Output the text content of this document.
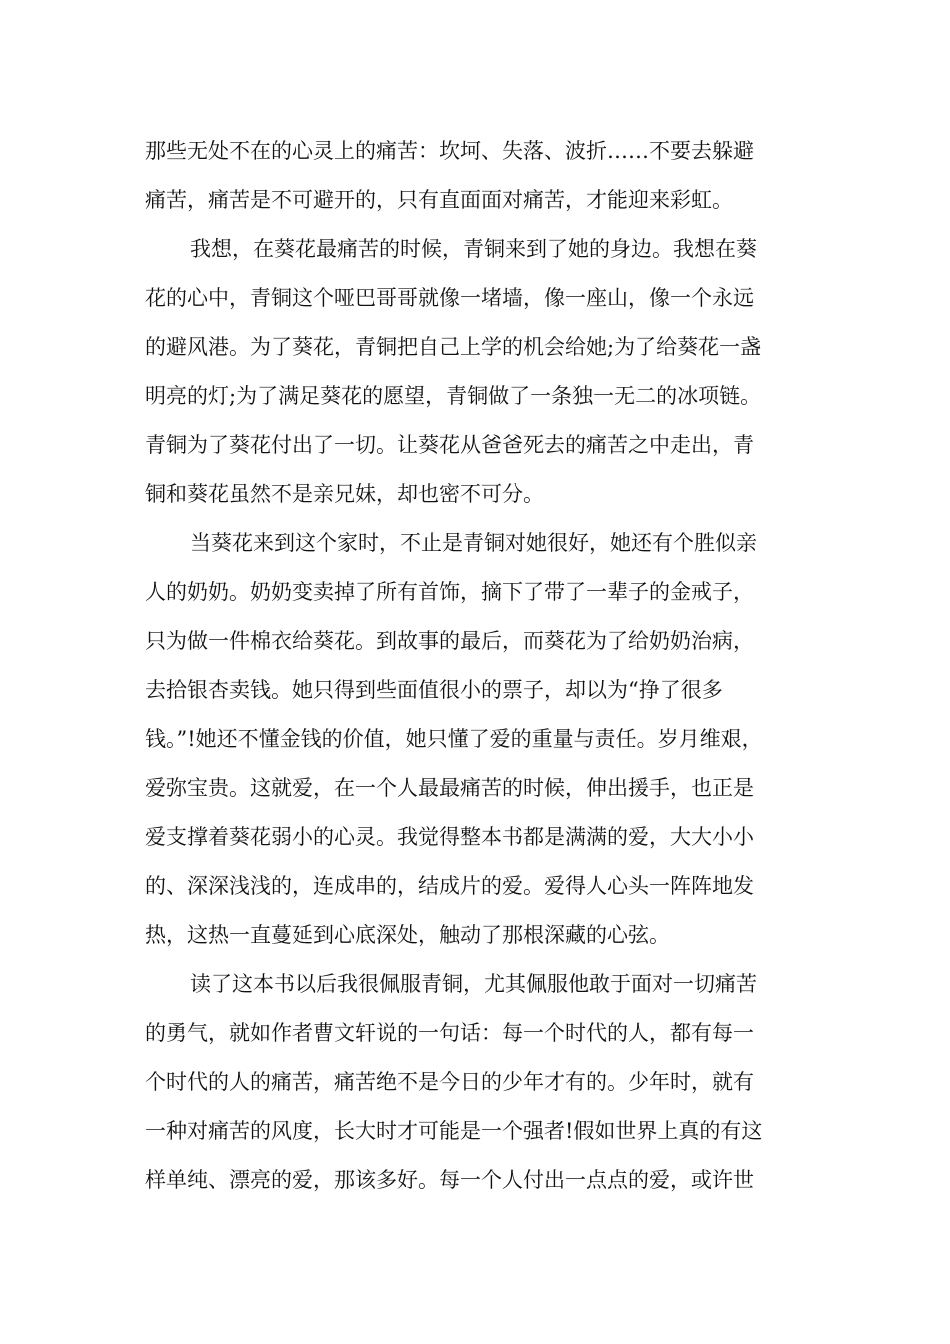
那些无处不在的心灵上的痛苦：坎坷、失落、波折……不要去躲避
痛苦，痛苦是不可避开的，只有直面面对痛苦，才能迎来彩虹。
我想，在葵花最痛苦的时候，青铜来到了她的身边。我想在葵
花的心中，青铜这个哑巴哥哥就像一堵墙，像一座山，像一个永远
的避风港。为了葵花，青铜把自己上学的机会给她;为了给葵花一盏
明亮的灯;为了满足葵花的愿望，青铜做了一条独一无二的冰项链。
青铜为了葵花付出了一切。让葵花从爸爸死去的痛苦之中走出，青
铜和葵花虽然不是亲兄妹，却也密不可分。
当葵花来到这个家时，不止是青铜对她很好，她还有个胜似亲
人的奶奶。奶奶变卖掉了所有首饰，摘下了带了一辈子的金戒子，
只为做一件棉衣给葵花。到故事的最后，而葵花为了给奶奶治病，
去拾银杏卖钱。她只得到些面值很小的票子，却以为“挣了很多
钱。”!她还不懂金钱的价值，她只懂了爱的重量与责任。岁月维艰，
爱弥宝贵。这就爱，在一个人最最痛苦的时候，伸出援手，也正是
爱支撑着葵花弱小的心灵。我觉得整本书都是满满的爱，大大小小
的、深深浅浅的，连成串的，结成片的爱。爱得人心头一阵阵地发
热，这热一直蔓延到心底深处，触动了那根深藏的心弦。
读了这本书以后我很佩服青铜，尤其佩服他敢于面对一切痛苦
的勇气，就如作者曹文轩说的一句话：每一个时代的人，都有每一
个时代的人的痛苦，痛苦绝不是今日的少年才有的。少年时，就有
一种对痛苦的风度，长大时才可能是一个强者!假如世界上真的有这
样单纯、漂亮的爱，那该多好。每一个人付出一点点的爱，或许世
